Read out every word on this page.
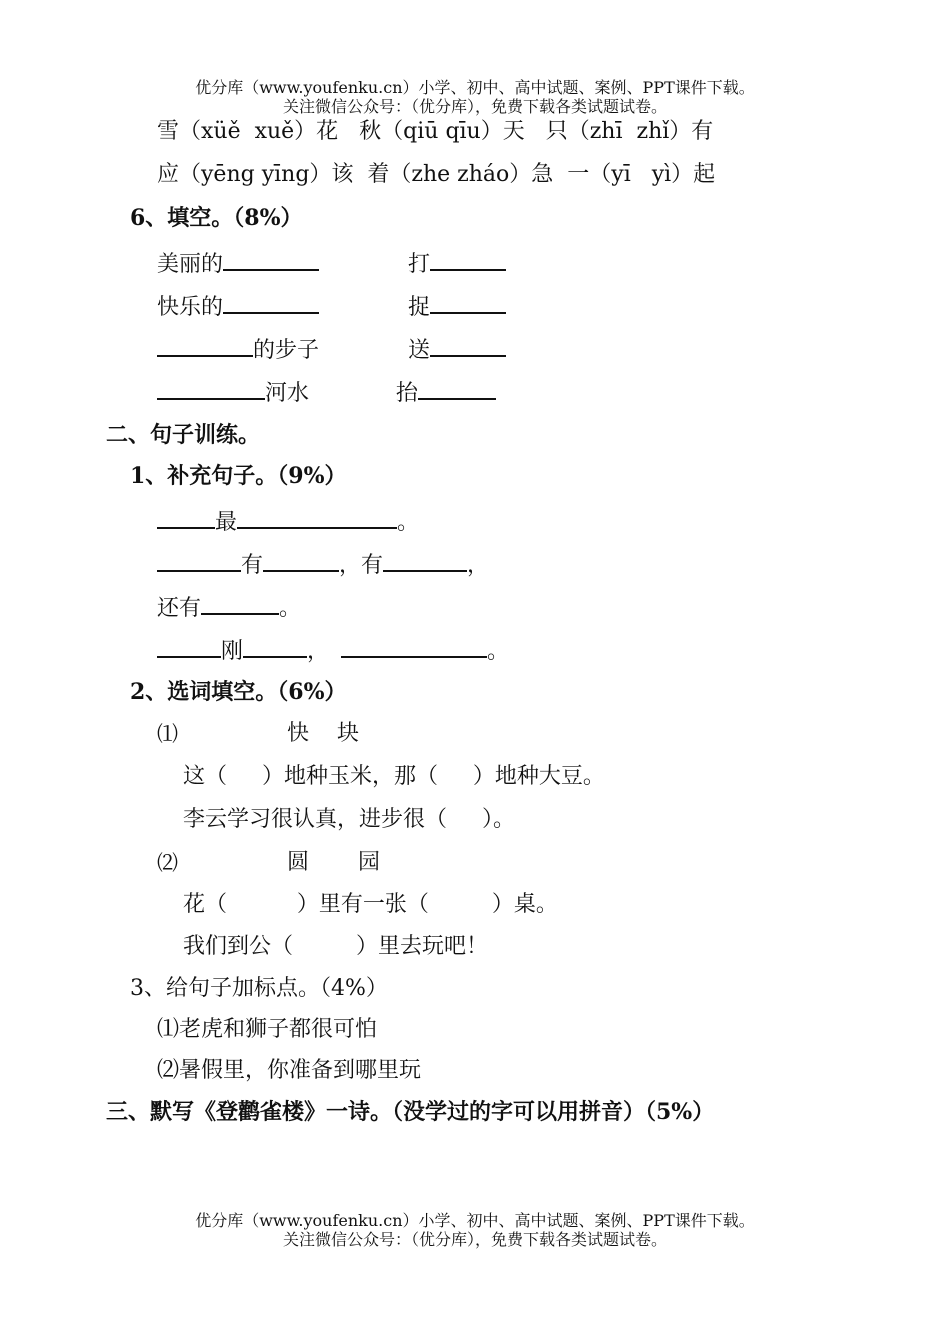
优分库（www.youfenku.cn）小学、初中、高中试题、案例、PPT课件下载。
关注微信公众号：（优分库），免费下载各类试题试卷。
雪（xüě  xuě）花   秋（qiū qīu）天   只（zhī  zhǐ）有
应（yēng yīng）该  着（zhe zháo）急  一（yī   yì）起
6、填空。（8%）
美丽的	打
快乐的	捉
的步子	送
河水	抬
二、句子训练。
1、补充句子。（9%）
最	。
有	，有	，
还有	。
刚	，	。
2、选词填空。（6%）
⑴	快    块
这（     ）地种玉米，那（     ）地种大豆。
李云学习很认真，进步很（     ）。
⑵	圆       园
花（          ）里有一张（         ）桌。
我们到公（         ）里去玩吧！
3、给句子加标点。（4%）
⑴老虎和狮子都很可怕
⑵暑假里，你准备到哪里玩
三、默写《登鹳雀楼》一诗。（没学过的字可以用拼音）（5%）
优分库（www.youfenku.cn）小学、初中、高中试题、案例、PPT课件下载。
关注微信公众号：（优分库），免费下载各类试题试卷。
